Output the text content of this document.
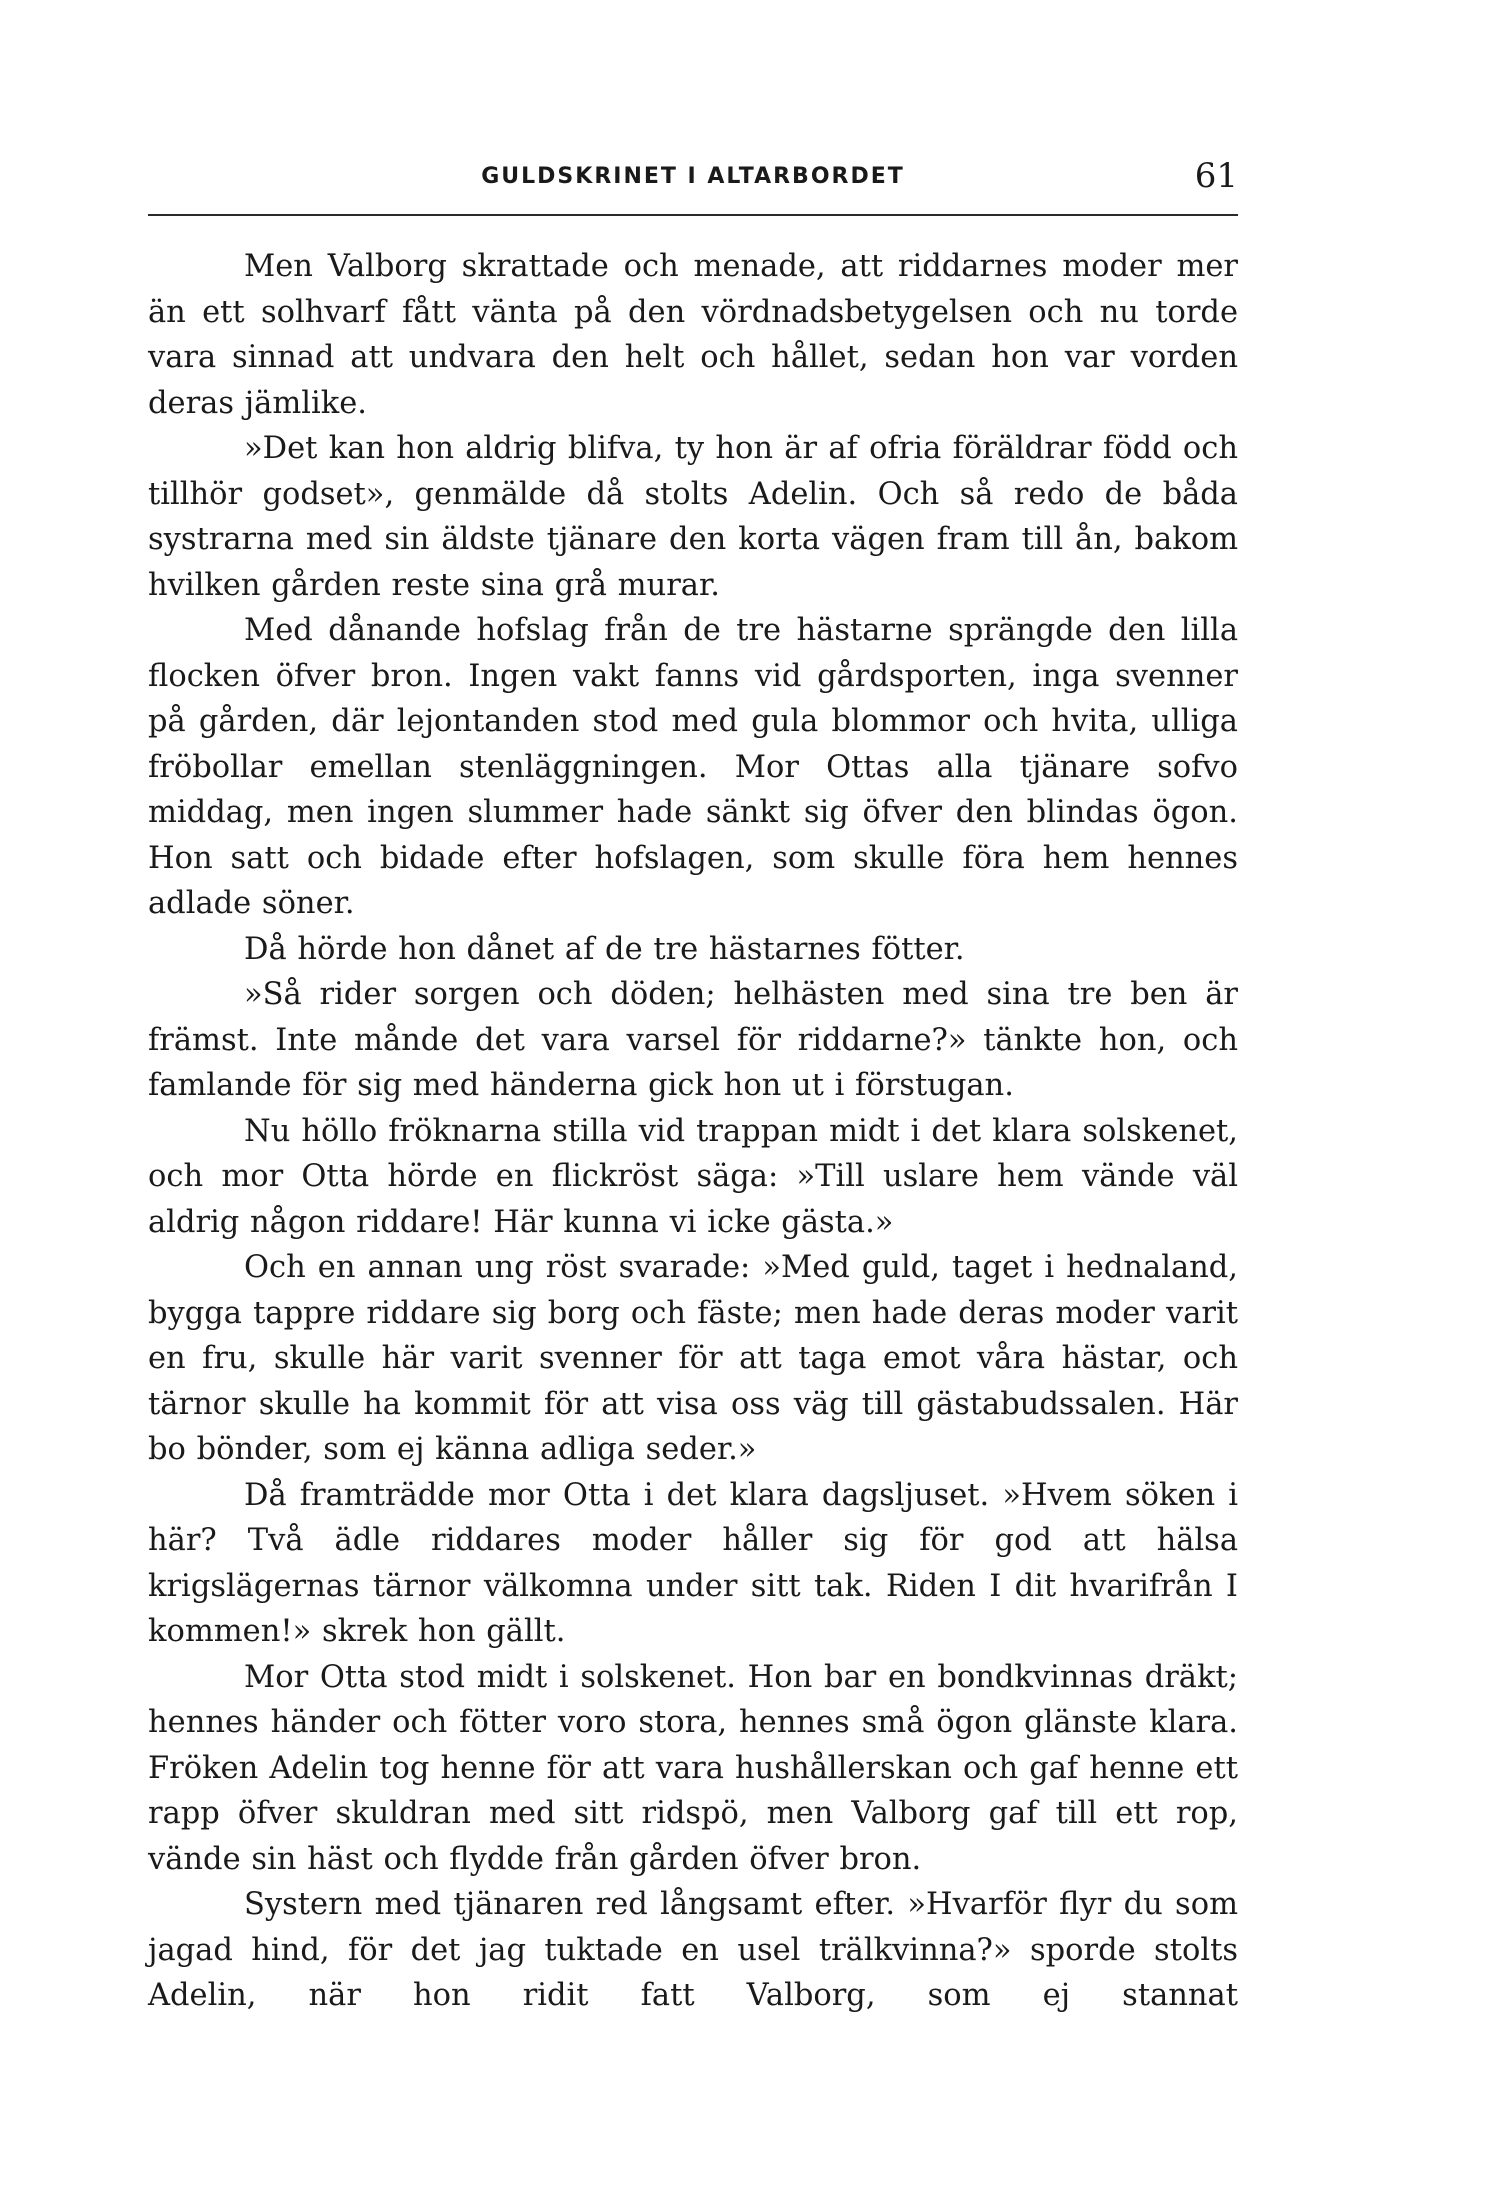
GULDSKRINET I ALTARBORDET	61

Men Valborg skrattade och menade, att riddarnes moder mer än ett solhvarf fått vänta på den vördnadsbetygelsen och nu torde vara sinnad att undvara den helt och hållet, sedan hon var vorden deras jämlike.

»Det kan hon aldrig blifva, ty hon är af ofria föräldrar född och tillhör godset», genmälde då stolts Adelin. Och så redo de båda systrarna med sin äldste tjänare den korta vägen fram till ån, bakom hvilken gården reste sina grå murar.

Med dånande hofslag från de tre hästarne sprängde den lilla flocken öfver bron. Ingen vakt fanns vid gårdsporten, inga svenner på gården, där lejontanden stod med gula blommor och hvita, ulliga fröbollar emellan stenläggningen. Mor Ottas alla tjänare sofvo middag, men ingen slummer hade sänkt sig öfver den blindas ögon. Hon satt och bidade efter hofslagen, som skulle föra hem hennes adlade söner.

Då hörde hon dånet af de tre hästarnes fötter.

»Så rider sorgen och döden; helhästen med sina tre ben är främst. Inte månde det vara varsel för riddarne?» tänkte hon, och famlande för sig med händerna gick hon ut i förstugan.

Nu höllo fröknarna stilla vid trappan midt i det klara solskenet, och mor Otta hörde en flickröst säga: »Till uslare hem vände väl aldrig någon riddare! Här kunna vi icke gästa.»

Och en annan ung röst svarade: »Med guld, taget i hednaland, bygga tappre riddare sig borg och fäste; men hade deras moder varit en fru, skulle här varit svenner för att taga emot våra hästar, och tärnor skulle ha kommit för att visa oss väg till gästabudssalen. Här bo bönder, som ej känna adliga seder.»

Då framträdde mor Otta i det klara dagsljuset. »Hvem söken i här? Två ädle riddares moder håller sig för god att hälsa krigslägernas tärnor välkomna under sitt tak. Riden I dit hvarifrån I kommen!» skrek hon gällt.

Mor Otta stod midt i solskenet. Hon bar en bondkvinnas dräkt; hennes händer och fötter voro stora, hennes små ögon glänste klara. Fröken Adelin tog henne för att vara hushållerskan och gaf henne ett rapp öfver skuldran med sitt ridspö, men Valborg gaf till ett rop, vände sin häst och flydde från gården öfver bron.

Systern med tjänaren red långsamt efter. »Hvarför flyr du som jagad hind, för det jag tuktade en usel trälkvinna?» sporde stolts Adelin, när hon ridit fatt Valborg, som ej stannat
